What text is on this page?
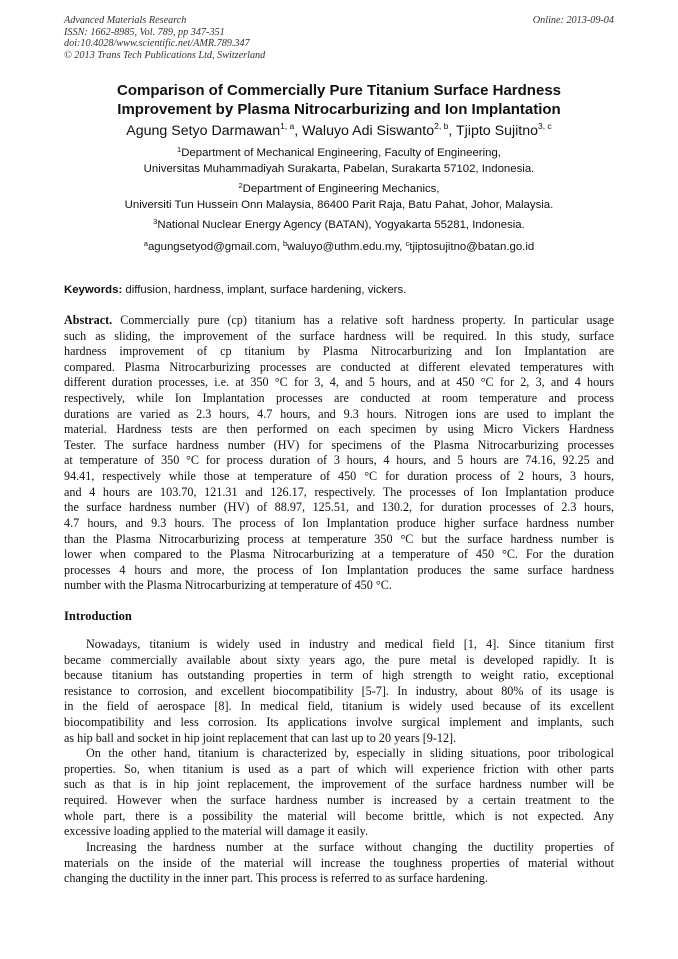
Advanced Materials Research
ISSN: 1662-8985, Vol. 789, pp 347-351
doi:10.4028/www.scientific.net/AMR.789.347
© 2013 Trans Tech Publications Ltd, Switzerland
Online: 2013-09-04
Comparison of Commercially Pure Titanium Surface Hardness
Improvement by Plasma Nitrocarburizing and Ion Implantation
Agung Setyo Darmawan$^{1, a}$, Waluyo Adi Siswanto$^{2, b}$, Tjipto Sujitno$^{3, c}$
$^1$Department of Mechanical Engineering, Faculty of Engineering,
Universitas Muhammadiyah Surakarta, Pabelan, Surakarta 57102, Indonesia.
$^2$Department of Engineering Mechanics,
Universiti Tun Hussein Onn Malaysia, 86400 Parit Raja, Batu Pahat, Johor, Malaysia.
$^3$National Nuclear Energy Agency (BATAN), Yogyakarta 55281, Indonesia.
$^a$agungsetyod@gmail.com, $^b$waluyo@uthm.edu.my, $^c$tjiptosujitno@batan.go.id
Keywords: diffusion, hardness, implant, surface hardening, vickers.
Abstract. Commercially pure (cp) titanium has a relative soft hardness property. In particular usage
such as sliding, the improvement of the surface hardness will be required. In this study, surface
hardness improvement of cp titanium by Plasma Nitrocarburizing and Ion Implantation are
compared. Plasma Nitrocarburizing processes are conducted at different elevated temperatures with
different duration processes, i.e. at 350 °C for 3, 4, and 5 hours, and at 450 °C for 2, 3, and 4 hours
respectively, while Ion Implantation processes are conducted at room temperature and process
durations are varied as 2.3 hours, 4.7 hours, and 9.3 hours. Nitrogen ions are used to implant the
material. Hardness tests are then performed on each specimen by using Micro Vickers Hardness
Tester. The surface hardness number (HV) for specimens of the Plasma Nitrocarburizing processes
at temperature of 350 °C for process duration of 3 hours, 4 hours, and 5 hours are 74.16, 92.25 and
94.41, respectively while those at temperature of 450 °C for duration process of 2 hours, 3 hours,
and 4 hours are 103.70, 121.31 and 126.17, respectively. The processes of Ion Implantation produce
the surface hardness number (HV) of 88.97, 125.51, and 130.2, for duration processes of 2.3 hours,
4.7 hours, and 9.3 hours. The process of Ion Implantation produce higher surface hardness number
than the Plasma Nitrocarburizing process at temperature 350 °C but the surface hardness number is
lower when compared to the Plasma Nitrocarburizing at a temperature of 450 °C. For the duration
processes 4 hours and more, the process of Ion Implantation produces the same surface hardness
number with the Plasma Nitrocarburizing at temperature of 450 °C.
Introduction
Nowadays, titanium is widely used in industry and medical field [1, 4]. Since titanium first
became commercially available about sixty years ago, the pure metal is developed rapidly. It is
because titanium has outstanding properties in term of high strength to weight ratio, exceptional
resistance to corrosion, and excellent biocompatibility [5-7]. In industry, about 80% of its usage is
in the field of aerospace [8]. In medical field, titanium is widely used because of its excellent
biocompatibility and less corrosion. Its applications involve surgical implement and implants, such
as hip ball and socket in hip joint replacement that can last up to 20 years [9-12].
On the other hand, titanium is characterized by, especially in sliding situations, poor tribological
properties. So, when titanium is used as a part of which will experience friction with other parts
such as that is in hip joint replacement, the improvement of the surface hardness number will be
required. However when the surface hardness number is increased by a certain treatment to the
whole part, there is a possibility the material will become brittle, which is not expected. Any
excessive loading applied to the material will damage it easily.
Increasing the hardness number at the surface without changing the ductility properties of
materials on the inside of the material will increase the toughness properties of material without
changing the ductility in the inner part. This process is referred to as surface hardening.
